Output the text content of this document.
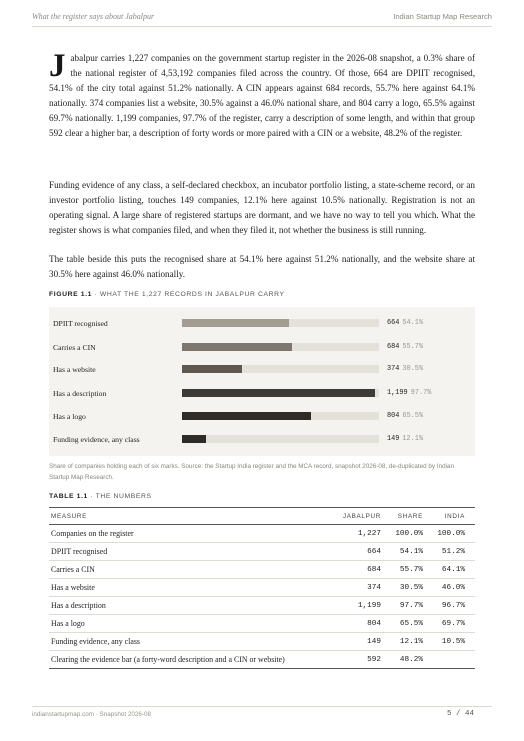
What the register says about Jabalpur	Indian Startup Map Research

Jabalpur carries 1,227 companies on the government startup register in the 2026-08 snapshot, a 0.3% share of the national register of 4,53,192 companies filed across the country. Of those, 664 are DPIIT recognised, 54.1% of the city total against 51.2% nationally. A CIN appears against 684 records, 55.7% here against 64.1% nationally. 374 companies list a website, 30.5% against a 46.0% national share, and 804 carry a logo, 65.5% against 69.7% nationally. 1,199 companies, 97.7% of the register, carry a description of some length, and within that group 592 clear a higher bar, a description of forty words or more paired with a CIN or a website, 48.2% of the register.

Funding evidence of any class, a self-declared checkbox, an incubator portfolio listing, a state-scheme record, or an investor portfolio listing, touches 149 companies, 12.1% here against 10.5% nationally. Registration is not an operating signal. A large share of registered startups are dormant, and we have no way to tell you which. What the register shows is what companies filed, and when they filed it, not whether the business is still running.

The table beside this puts the recognised share at 54.1% here against 51.2% nationally, and the website share at 30.5% here against 46.0% nationally.

FIGURE 1.1 · WHAT THE 1,227 RECORDS IN JABALPUR CARRY
DPIIT recognised	664 54.1%
Carries a CIN	684 55.7%
Has a website	374 30.5%
Has a description	1,199 97.7%
Has a logo	804 65.5%
Funding evidence, any class	149 12.1%

Share of companies holding each of six marks. Source: the Startup India register and the MCA record, snapshot 2026-08, de-duplicated by Indian Startup Map Research.

TABLE 1.1 · THE NUMBERS
MEASURE	JABALPUR	SHARE	INDIA
Companies on the register	1,227	100.0%	100.0%
DPIIT recognised	664	54.1%	51.2%
Carries a CIN	684	55.7%	64.1%
Has a website	374	30.5%	46.0%
Has a description	1,199	97.7%	96.7%
Has a logo	804	65.5%	69.7%
Funding evidence, any class	149	12.1%	10.5%
Clearing the evidence bar (a forty-word description and a CIN or website)	592	48.2%	
indianstartupmap.com · Snapshot 2026-08	5 / 44
